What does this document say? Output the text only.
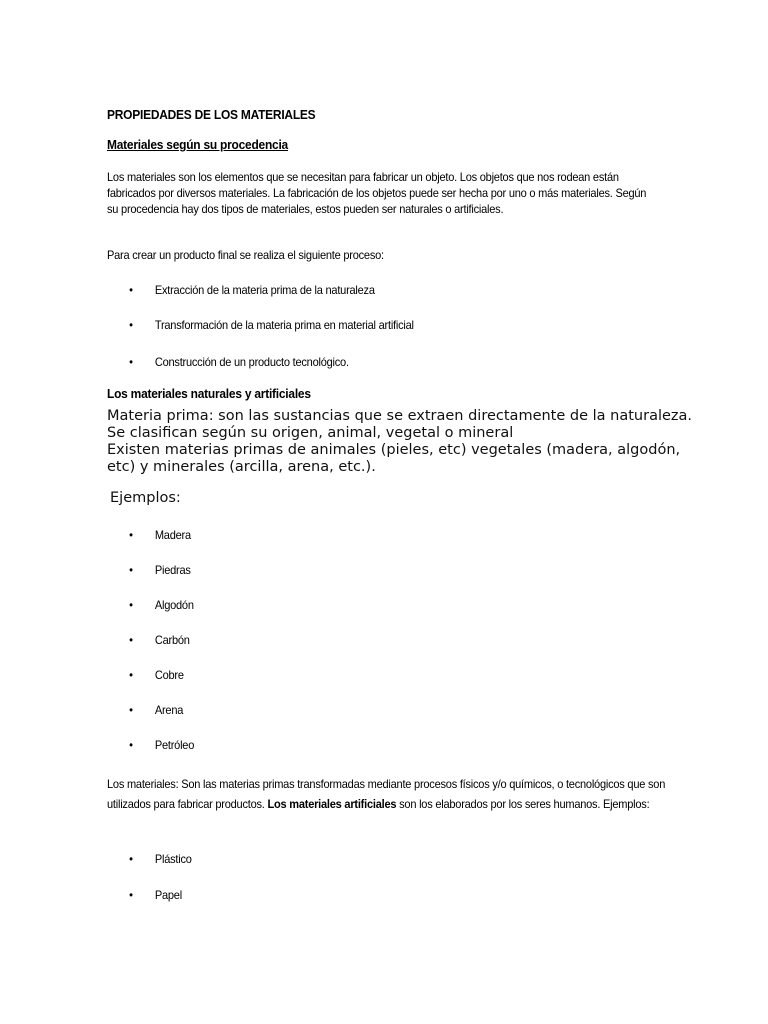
PROPIEDADES DE LOS MATERIALES
Materiales según su procedencia
Los materiales son los elementos que se necesitan para fabricar un objeto. Los objetos que nos rodean están fabricados por diversos materiales. La fabricación de los objetos puede ser hecha por uno o más materiales. Según su procedencia hay dos tipos de materiales, estos pueden ser naturales o artificiales.
Para crear un producto final se realiza el siguiente proceso:
• Extracción de la materia prima de la naturaleza
• Transformación de la materia prima en material artificial
• Construcción de un producto tecnológico.
Los materiales naturales y artificiales
Materia prima: son las sustancias que se extraen directamente de la naturaleza. Se clasifican según su origen, animal, vegetal o mineral
Existen materias primas de animales (pieles, etc) vegetales (madera, algodón, etc) y minerales (arcilla, arena, etc.).
Ejemplos:
• Madera
• Piedras
• Algodón
• Carbón
• Cobre
• Arena
• Petróleo
Los materiales: Son las materias primas transformadas mediante procesos físicos y/o químicos, o tecnológicos que son utilizados para fabricar productos. Los materiales artificiales son los elaborados por los seres humanos. Ejemplos:
• Plástico
• Papel
